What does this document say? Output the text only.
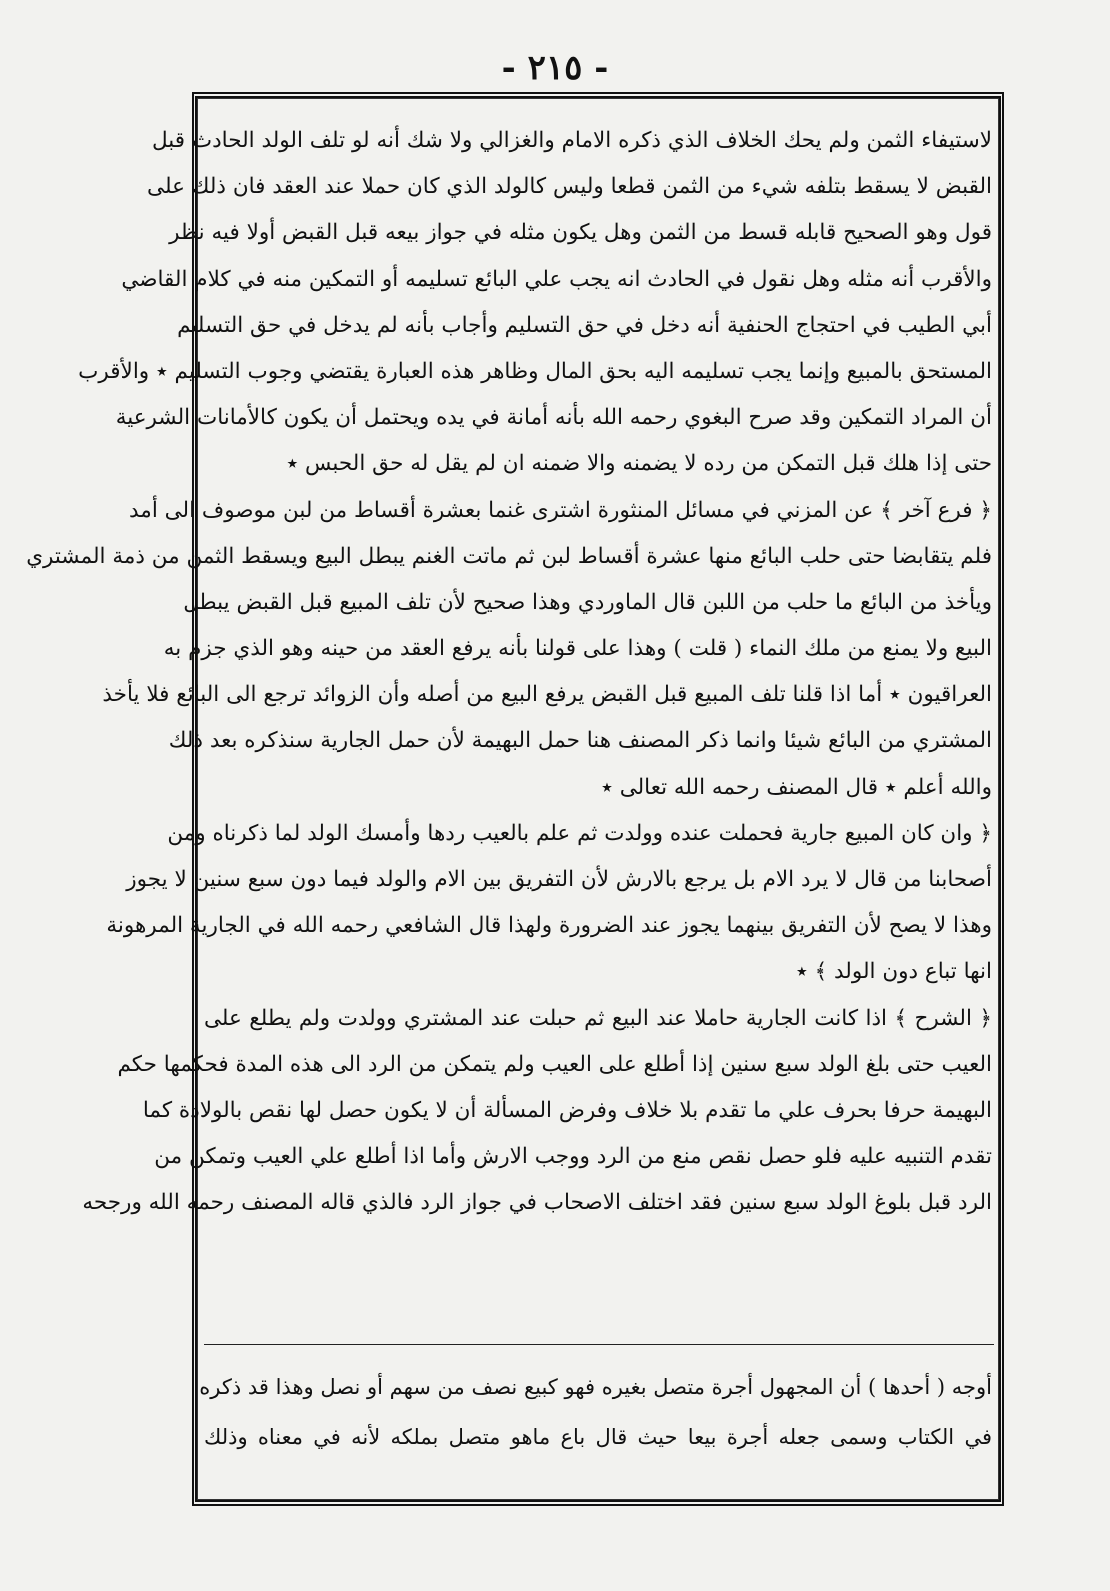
- ٢١٥ -
لاستيفاء الثمن ولم يحك الخلاف الذي ذكره الامام والغزالي ولا شك أنه لو تلف الولد الحادث قبل
القبض لا يسقط بتلفه شيء من الثمن قطعا وليس كالولد الذي كان حملا عند العقد فان ذلك على
قول وهو الصحيح قابله قسط من الثمن وهل يكون مثله في جواز بيعه قبل القبض أولا فيه نظر
والأقرب أنه مثله وهل نقول في الحادث انه يجب علي البائع تسليمه أو التمكين منه في كلام القاضي
أبي الطيب في احتجاج الحنفية أنه دخل في حق التسليم وأجاب بأنه لم يدخل في حق التسليم
المستحق بالمبيع وإنما يجب تسليمه اليه بحق المال وظاهر هذه العبارة يقتضي وجوب التسليم ٭ والأقرب
أن المراد التمكين وقد صرح البغوي رحمه الله بأنه أمانة في يده ويحتمل أن يكون كالأمانات الشرعية
حتى إذا هلك قبل التمكن من رده لا يضمنه والا ضمنه ان لم يقل له حق الحبس ٭
﴿ فرع آخر ﴾ عن المزني في مسائل المنثورة اشترى غنما بعشرة أقساط من لبن موصوف الى أمد
فلم يتقابضا حتى حلب البائع منها عشرة أقساط لبن ثم ماتت الغنم يبطل البيع ويسقط الثمن من ذمة المشتري
ويأخذ من البائع ما حلب من اللبن قال الماوردي وهذا صحيح لأن تلف المبيع قبل القبض يبطل
البيع ولا يمنع من ملك النماء ( قلت ) وهذا على قولنا بأنه يرفع العقد من حينه وهو الذي جزم به
العراقيون ٭ أما اذا قلنا تلف المبيع قبل القبض يرفع البيع من أصله وأن الزوائد ترجع الى البائع فلا يأخذ
المشتري من البائع شيئا وانما ذكر المصنف هنا حمل البهيمة لأن حمل الجارية سنذكره بعد ذلك
والله أعلم ٭ قال المصنف رحمه الله تعالى ٭
﴿ وان كان المبيع جارية فحملت عنده وولدت ثم علم بالعيب ردها وأمسك الولد لما ذكرناه ومن
أصحابنا من قال لا يرد الام بل يرجع بالارش لأن التفريق بين الام والولد فيما دون سبع سنين لا يجوز
وهذا لا يصح لأن التفريق بينهما يجوز عند الضرورة ولهذا قال الشافعي رحمه الله في الجارية المرهونة
انها تباع دون الولد ﴾ ٭
﴿ الشرح ﴾ اذا كانت الجارية حاملا عند البيع ثم حبلت عند المشتري وولدت ولم يطلع على
العيب حتى بلغ الولد سبع سنين إذا أطلع على العيب ولم يتمكن من الرد الى هذه المدة فحكمها حكم
البهيمة حرفا بحرف علي ما تقدم بلا خلاف وفرض المسألة أن لا يكون حصل لها نقص بالولادة كما
تقدم التنبيه عليه فلو حصل نقص منع من الرد ووجب الارش وأما اذا أطلع علي العيب وتمكن من
الرد قبل بلوغ الولد سبع سنين فقد اختلف الاصحاب في جواز الرد فالذي قاله المصنف رحمه الله ورجحه
أوجه ( أحدها ) أن المجهول أجرة متصل بغيره فهو كبيع نصف من سهم أو نصل وهذا قد ذكره
في الكتاب وسمى جعله أجرة بيعا حيث قال باع ماهو متصل بملكه لأنه في معناه وذلك
